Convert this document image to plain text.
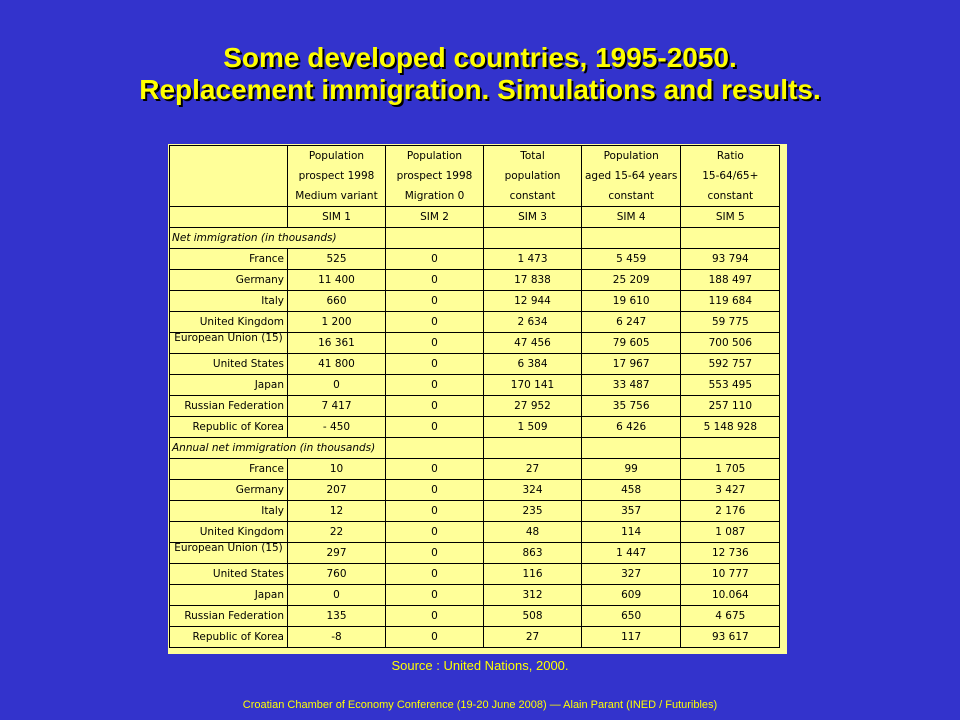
Some developed countries, 1995-2050.
Replacement immigration. Simulations and results.
	Population	Population	Total	Population	Ratio
	prospect 1998	prospect 1998	population	aged 15-64 years	15-64/65+
	Medium variant	Migration 0	constant	constant	constant
	SIM 1	SIM 2	SIM 3	SIM 4	SIM 5
Net immigration (in thousands)					
France	525	0	1 473	5 459	93 794
Germany	11 400	0	17 838	25 209	188 497
Italy	660	0	12 944	19 610	119 684
United Kingdom	1 200	0	2 634	6 247	59 775
European Union (15)	16 361	0	47 456	79 605	700 506
United States	41 800	0	6 384	17 967	592 757
Japan	0	0	170 141	33 487	553 495
Russian Federation	7 417	0	27 952	35 756	257 110
Republic of Korea	- 450	0	1 509	6 426	5 148 928
Annual net immigration (in thousands)					
France	10	0	27	99	1 705
Germany	207	0	324	458	3 427
Italy	12	0	235	357	2 176
United Kingdom	22	0	48	114	1 087
European Union (15)	297	0	863	1 447	12 736
United States	760	0	116	327	10 777
Japan	0	0	312	609	10.064
Russian Federation	135	0	508	650	4 675
Republic of Korea	-8	0	27	117	93 617
Source : United Nations, 2000.
Croatian Chamber of Economy Conference (19-20 June 2008) — Alain Parant (INED / Futuribles)
